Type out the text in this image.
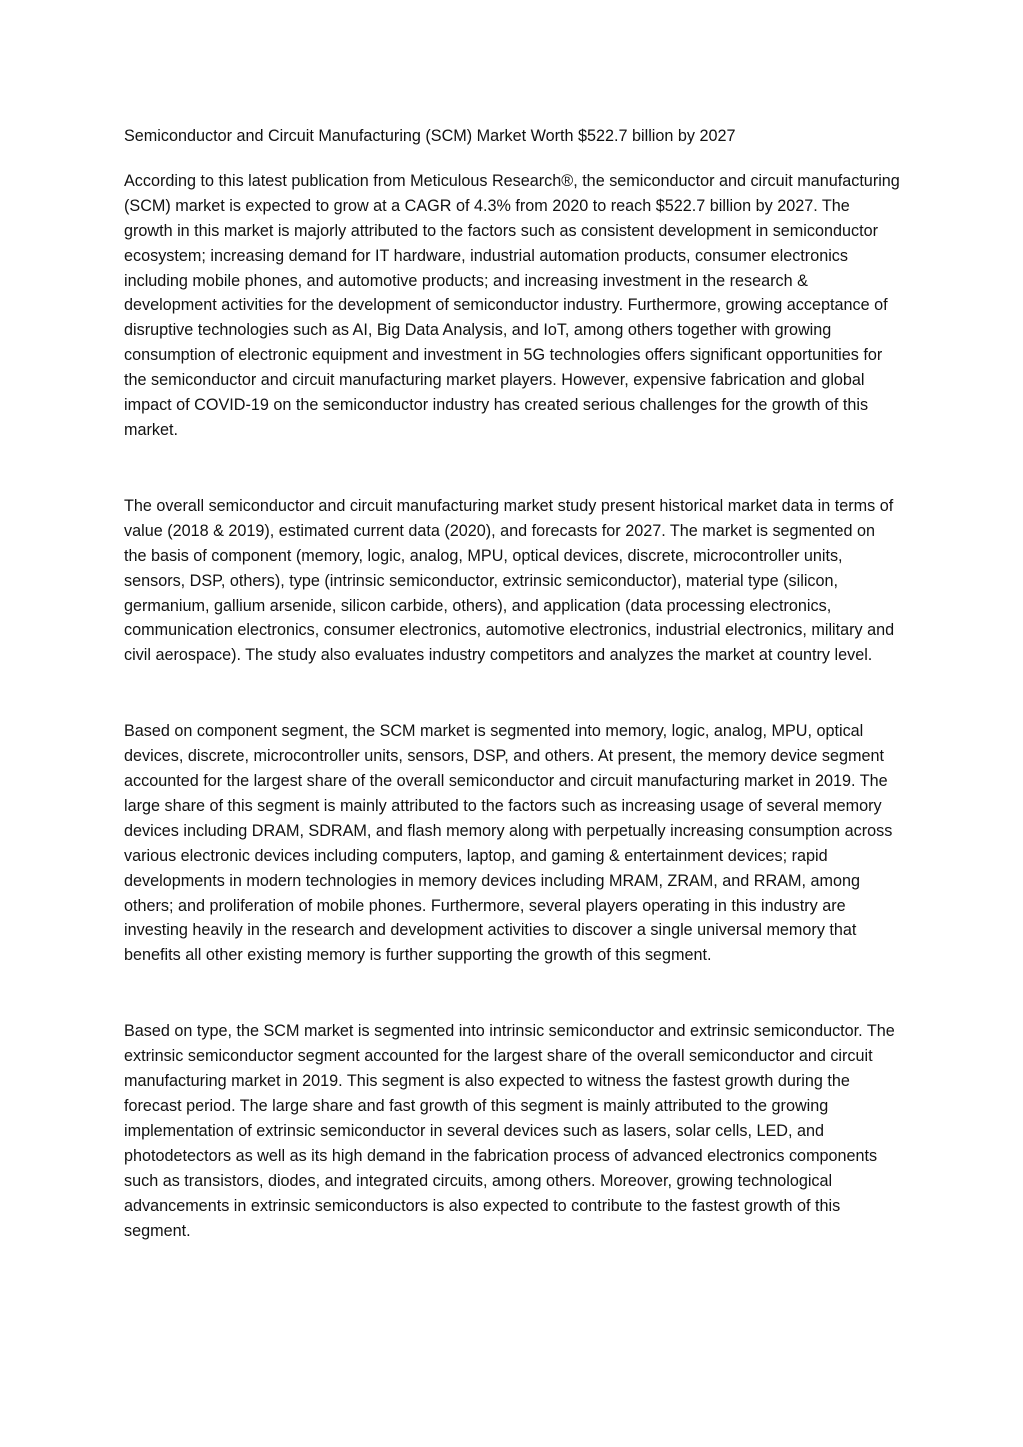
Semiconductor and Circuit Manufacturing (SCM) Market Worth $522.7 billion by 2027

According to this latest publication from Meticulous Research®, the semiconductor and circuit manufacturing (SCM) market is expected to grow at a CAGR of 4.3% from 2020 to reach $522.7 billion by 2027. The growth in this market is majorly attributed to the factors such as consistent development in semiconductor ecosystem; increasing demand for IT hardware, industrial automation products, consumer electronics including mobile phones, and automotive products; and increasing investment in the research & development activities for the development of semiconductor industry. Furthermore, growing acceptance of disruptive technologies such as AI, Big Data Analysis, and IoT, among others together with growing consumption of electronic equipment and investment in 5G technologies offers significant opportunities for the semiconductor and circuit manufacturing market players. However, expensive fabrication and global impact of COVID-19 on the semiconductor industry has created serious challenges for the growth of this market.

The overall semiconductor and circuit manufacturing market study present historical market data in terms of value (2018 & 2019), estimated current data (2020), and forecasts for 2027. The market is segmented on the basis of component (memory, logic, analog, MPU, optical devices, discrete, microcontroller units, sensors, DSP, others), type (intrinsic semiconductor, extrinsic semiconductor), material type (silicon, germanium, gallium arsenide, silicon carbide, others), and application (data processing electronics, communication electronics, consumer electronics, automotive electronics, industrial electronics, military and civil aerospace). The study also evaluates industry competitors and analyzes the market at country level.

Based on component segment, the SCM market is segmented into memory, logic, analog, MPU, optical devices, discrete, microcontroller units, sensors, DSP, and others. At present, the memory device segment accounted for the largest share of the overall semiconductor and circuit manufacturing market in 2019. The large share of this segment is mainly attributed to the factors such as increasing usage of several memory devices including DRAM, SDRAM, and flash memory along with perpetually increasing consumption across various electronic devices including computers, laptop, and gaming & entertainment devices; rapid developments in modern technologies in memory devices including MRAM, ZRAM, and RRAM, among others; and proliferation of mobile phones. Furthermore, several players operating in this industry are investing heavily in the research and development activities to discover a single universal memory that benefits all other existing memory is further supporting the growth of this segment.

Based on type, the SCM market is segmented into intrinsic semiconductor and extrinsic semiconductor. The extrinsic semiconductor segment accounted for the largest share of the overall semiconductor and circuit manufacturing market in 2019. This segment is also expected to witness the fastest growth during the forecast period. The large share and fast growth of this segment is mainly attributed to the growing implementation of extrinsic semiconductor in several devices such as lasers, solar cells, LED, and photodetectors as well as its high demand in the fabrication process of advanced electronics components such as transistors, diodes, and integrated circuits, among others. Moreover, growing technological advancements in extrinsic semiconductors is also expected to contribute to the fastest growth of this segment.
